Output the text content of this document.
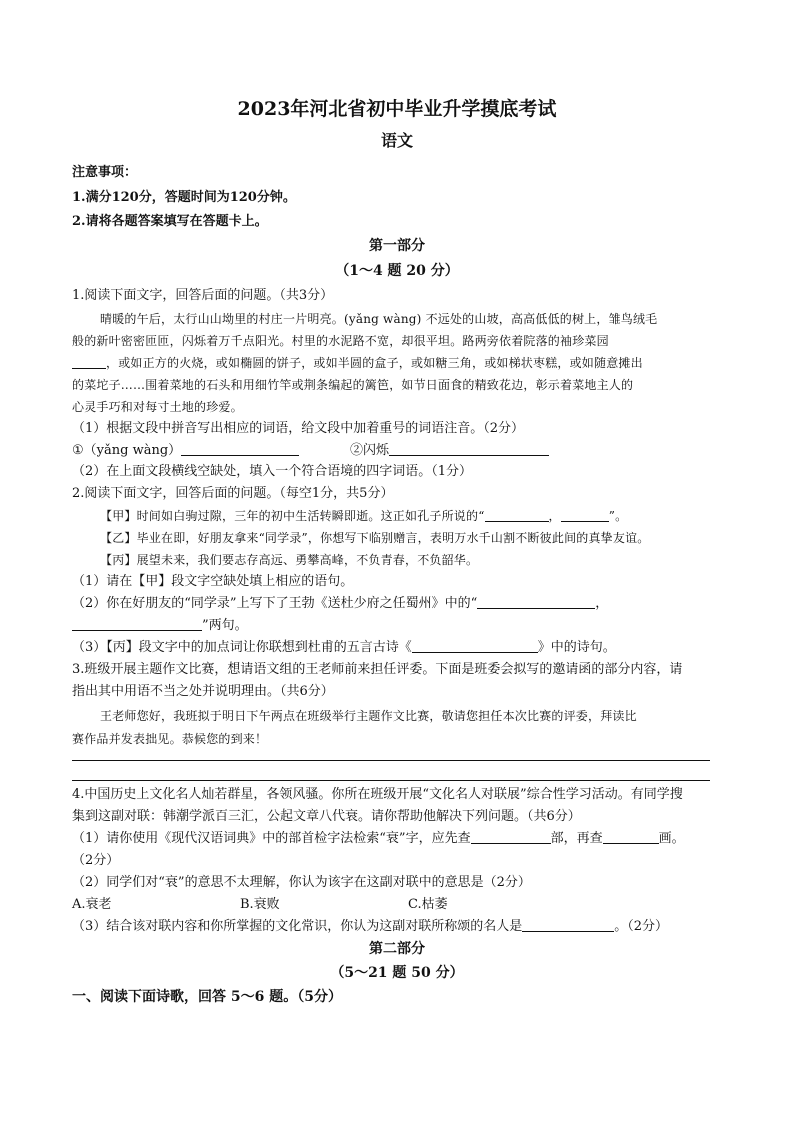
2023年河北省初中毕业升学摸底考试
语文
注意事项：
1.满分120分，答题时间为120分钟。
2.请将各题答案填写在答题卡上。
第一部分
（1～4 题 20 分）
1.阅读下面文字，回答后面的问题。（共3分）
晴暖的午后，太行山山坳里的村庄一片明亮。(yǎng wàng) 不远处的山坡，高高低低的树上，雏鸟绒毛
般的新叶密密匝匝，闪烁着万千点阳光。村里的水泥路不宽，却很平坦。路两旁依着院落的袖珍菜园
，或如正方的火烧，或如椭圆的饼子，或如半圆的盒子，或如糖三角，或如梯状枣糕，或如随意摊出
的菜坨子……围着菜地的石头和用细竹竿或荆条编起的篱笆，如节日面食的精致花边，彰示着菜地主人的
心灵手巧和对每寸土地的珍爱。
（1）根据文段中拼音写出相应的词语，给文段中加着重号的词语注音。（2分）
①（yǎng wàng）	②闪烁
（2）在上面文段横线空缺处，填入一个符合语境的四字词语。（1分）
2.阅读下面文字，回答后面的问题。（每空1分，共5分）
【甲】时间如白驹过隙，三年的初中生活转瞬即逝。这正如孔子所说的“	，	”。
【乙】毕业在即，好朋友拿来“同学录”，你想写下临别赠言，表明万水千山割不断彼此间的真挚友谊。
【丙】展望未来，我们要志存高远、勇攀高峰，不负青春，不负韶华。
（1）请在【甲】段文字空缺处填上相应的语句。
（2）你在好朋友的“同学录”上写下了王勃《送杜少府之任蜀州》中的“	，
”两句。
（3）【丙】段文字中的加点词让你联想到杜甫的五言古诗《	》中的诗句。
3.班级开展主题作文比赛，想请语文组的王老师前来担任评委。下面是班委会拟写的邀请函的部分内容，请
指出其中用语不当之处并说明理由。（共6分）
王老师您好，我班拟于明日下午两点在班级举行主题作文比赛，敬请您担任本次比赛的评委，拜读比
赛作品并发表拙见。恭候您的到来！
4.中国历史上文化名人灿若群星，各领风骚。你所在班级开展“文化名人对联展”综合性学习活动。有同学搜
集到这副对联：韩潮学派百三汇，公起文章八代衰。请你帮助他解决下列问题。（共6分）
（1）请你使用《现代汉语词典》中的部首检字法检索“衰”字，应先查	部，再查	画。
（2分）
（2）同学们对“衰”的意思不太理解，你认为该字在这副对联中的意思是（2分）
A.衰老	B.衰败	C.枯萎
（3）结合该对联内容和你所掌握的文化常识，你认为这副对联所称颂的名人是	。（2分）
第二部分
（5～21 题 50 分）
一、阅读下面诗歌，回答 5～6 题。（5分）
